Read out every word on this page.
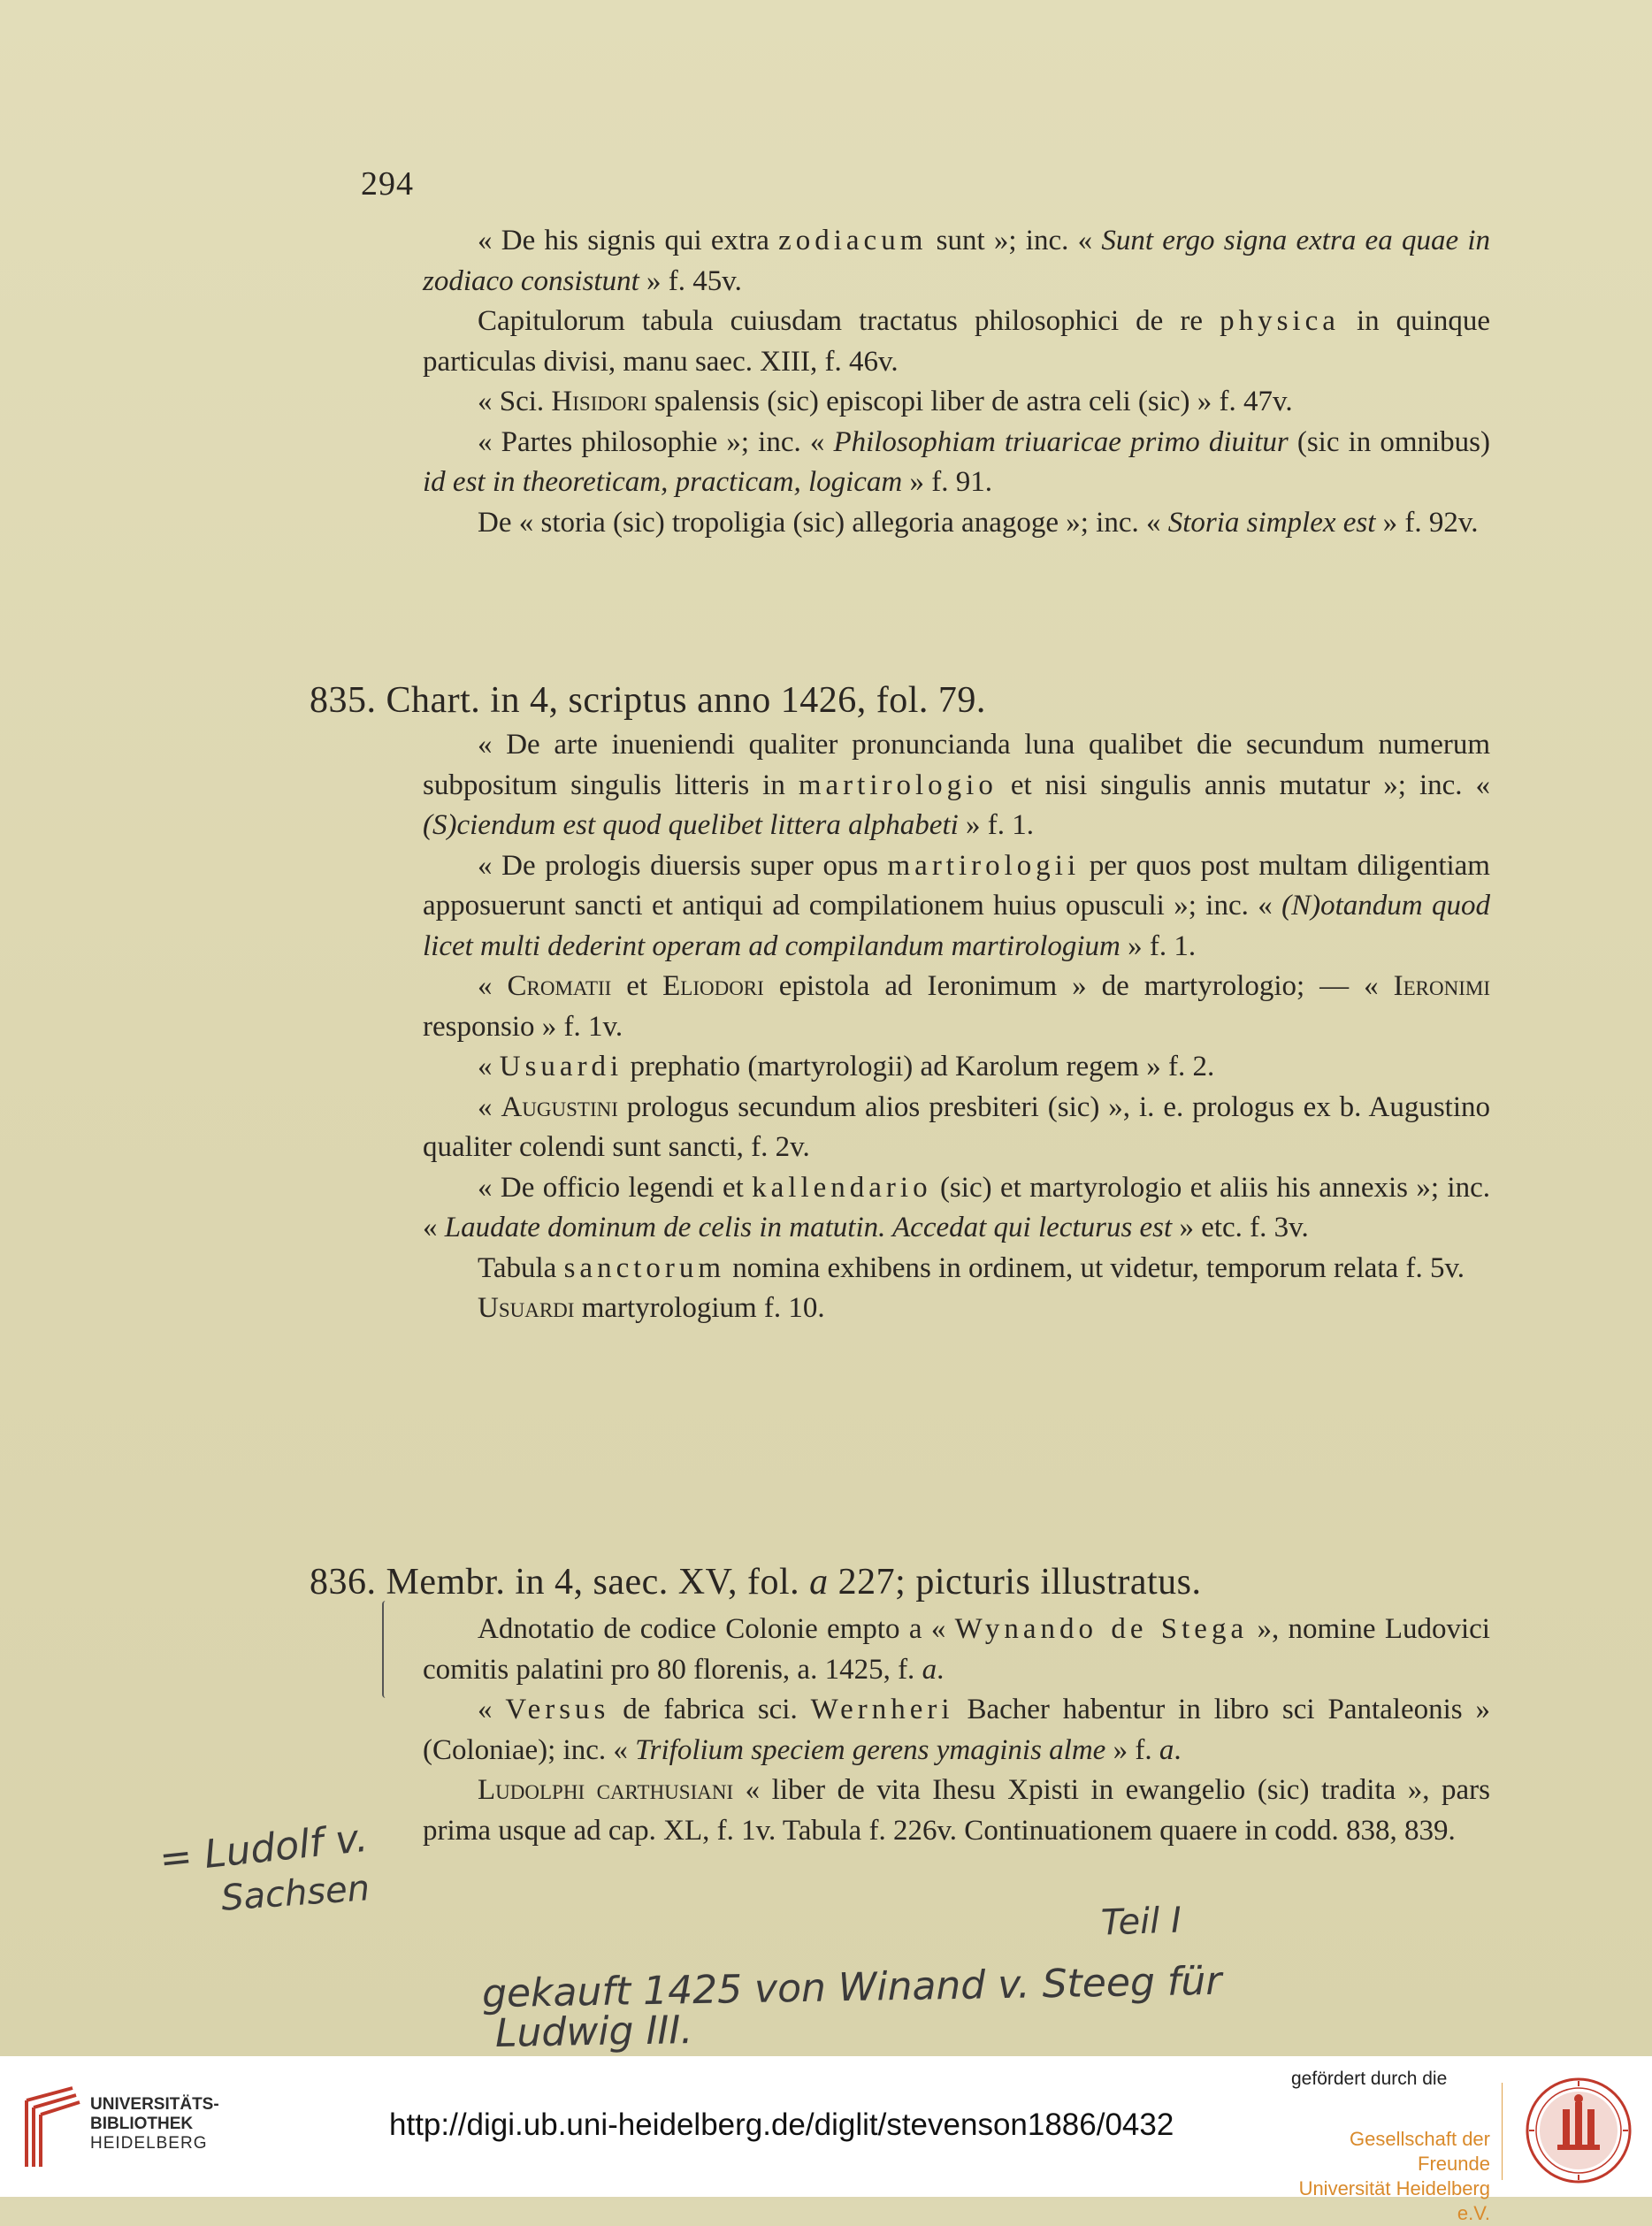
294

« De his signis qui extra zodiacum sunt »; inc. « Sunt ergo signa extra ea quae in zodiaco consistunt » f. 45v.

Capitulorum tabula cuiusdam tractatus philosophici de re physica in quinque particulas divisi, manu saec. XIII, f. 46v.

« Sci. Hisidori spalensis (sic) episcopi liber de astra celi (sic) » f. 47v.

« Partes philosophie »; inc. « Philosophiam triuaricae primo diuitur (sic in omnibus) id est in theoreticam, practicam, logicam » f. 91.

De « storia (sic) tropoligia (sic) allegoria anagoge »; inc. « Storia simplex est » f. 92v.

835. Chart. in 4, scriptus anno 1426, fol. 79.

« De arte inueniendi qualiter pronuncianda luna qualibet die secundum numerum subpositum singulis litteris in martirologio et nisi singulis annis mutatur »; inc. « (S)ciendum est quod quelibet littera alphabeti » f. 1.

« De prologis diuersis super opus martirologii per quos post multam diligentiam apposuerunt sancti et antiqui ad compilationem huius opusculi »; inc. « (N)otandum quod licet multi dederint operam ad compilandum martirologium » f. 1.

« Cromatii et Eliodori epistola ad Ieronimum » de martyrologio; — « Ieronimi responsio » f. 1v.

« Usuardi prephatio (martyrologii) ad Karolum regem » f. 2.

« Augustini prologus secundum alios presbiteri (sic) », i. e. prologus ex b. Augustino qualiter colendi sunt sancti, f. 2v.

« De officio legendi et kallendario (sic) et martyrologio et aliis his annexis »; inc. « Laudate dominum de celis in matutin. Accedat qui lecturus est » etc. f. 3v.

Tabula sanctorum nomina exhibens in ordinem, ut videtur, temporum relata f. 5v.

Usuardi martyrologium f. 10.

836. Membr. in 4, saec. XV, fol. a 227; picturis illustratus.

Adnotatio de codice Colonie empto a « Wynando de Stega », nomine Ludovici comitis palatini pro 80 florenis, a. 1425, f. a.

« Versus de fabrica sci. Wernheri Bacher habentur in libro sci Pantaleonis » (Coloniae); inc. « Trifolium speciem gerens ymaginis alme » f. a.

Ludolphi carthusiani « liber de vita Ihesu Xpisti in ewangelio (sic) tradita », pars prima usque ad cap. XL, f. 1v. Tabula f. 226v. Continuationem quaere in codd. 838, 839.

= Ludolf v.
Sachsen
Teil I
gekauft 1425 von Winand v. Steeg für
Ludwig III.
UNIVERSITÄTS-
BIBLIOTHEK
HEIDELBERG
http://digi.ub.uni-heidelberg.de/diglit/stevenson1886/0432
gefördert durch die
Gesellschaft der Freunde
Universität Heidelberg e.V.
